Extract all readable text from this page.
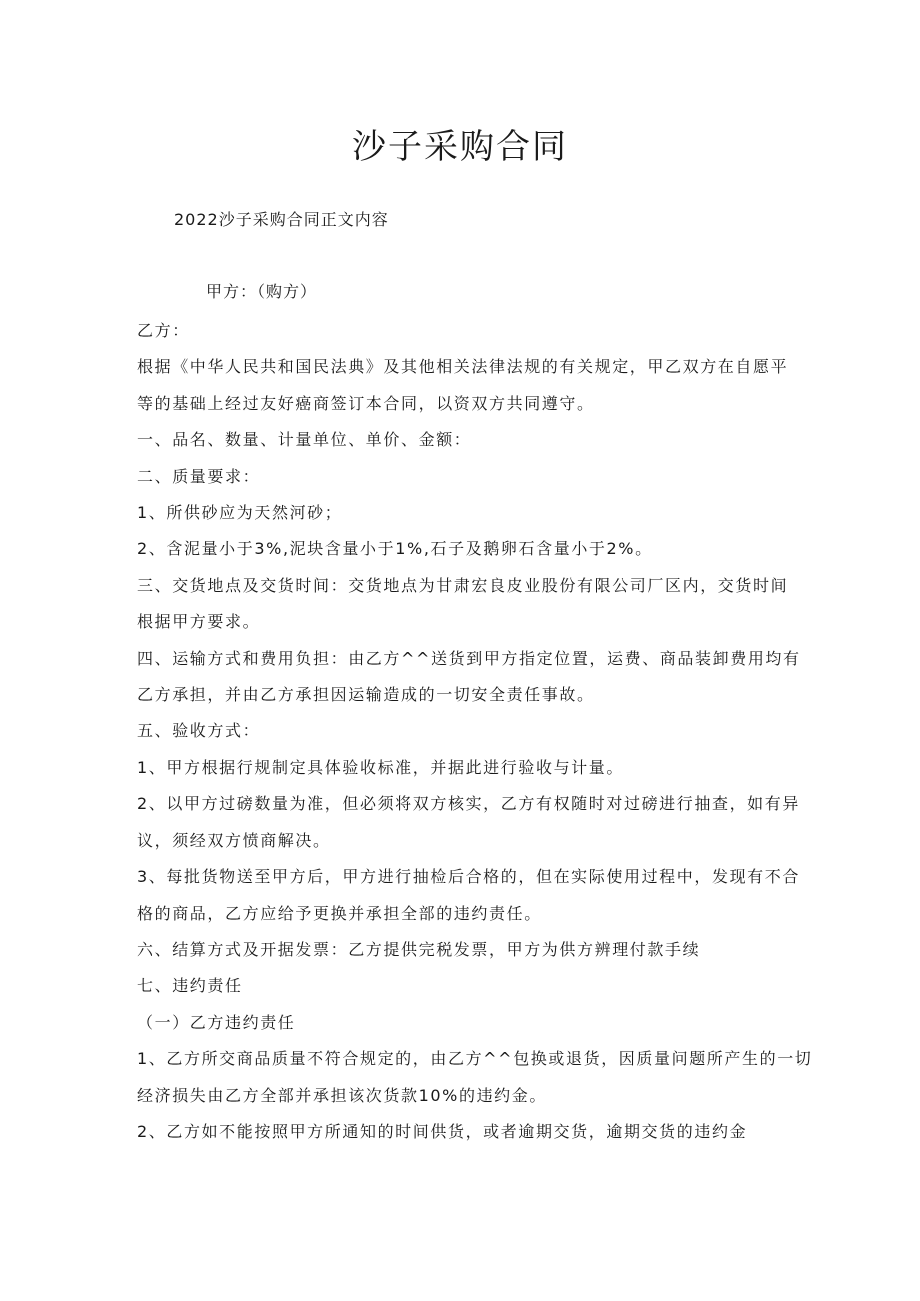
沙子采购合同

2022沙子采购合同正文内容

甲方：（购方）

乙方：

根据《中华人民共和国民法典》及其他相关法律法规的有关规定，甲乙双方在自愿平

等的基础上经过友好癌商签订本合同，以资双方共同遵守。

一、品名、数量、计量单位、单价、金额：

二、质量要求：

1、所供砂应为天然河砂；

2、含泥量小于3%,泥块含量小于1%,石子及鹅卵石含量小于2%。

三、交货地点及交货时间：交货地点为甘肃宏良皮业股份有限公司厂区内，交货时间

根据甲方要求。

四、运输方式和费用负担：由乙方^^送货到甲方指定位置，运费、商品装卸费用均有

乙方承担，并由乙方承担因运输造成的一切安全责任事故。

五、验收方式：

1、甲方根据行规制定具体验收标准，并据此进行验收与计量。

2、以甲方过磅数量为准，但必须将双方核实，乙方有权随时对过磅进行抽查，如有异

议，须经双方愤商解决。

3、每批货物送至甲方后，甲方进行抽检后合格的，但在实际使用过程中，发现有不合

格的商品，乙方应给予更换并承担全部的违约责任。

六、结算方式及开据发票：乙方提供完税发票，甲方为供方辨理付款手续

七、违约责任

（一）乙方违约责任

1、乙方所交商品质量不符合规定的，由乙方^^包换或退货，因质量问题所产生的一切

经济损失由乙方全部并承担该次货款10%的违约金。

2、乙方如不能按照甲方所通知的时间供货，或者逾期交货，逾期交货的违约金
